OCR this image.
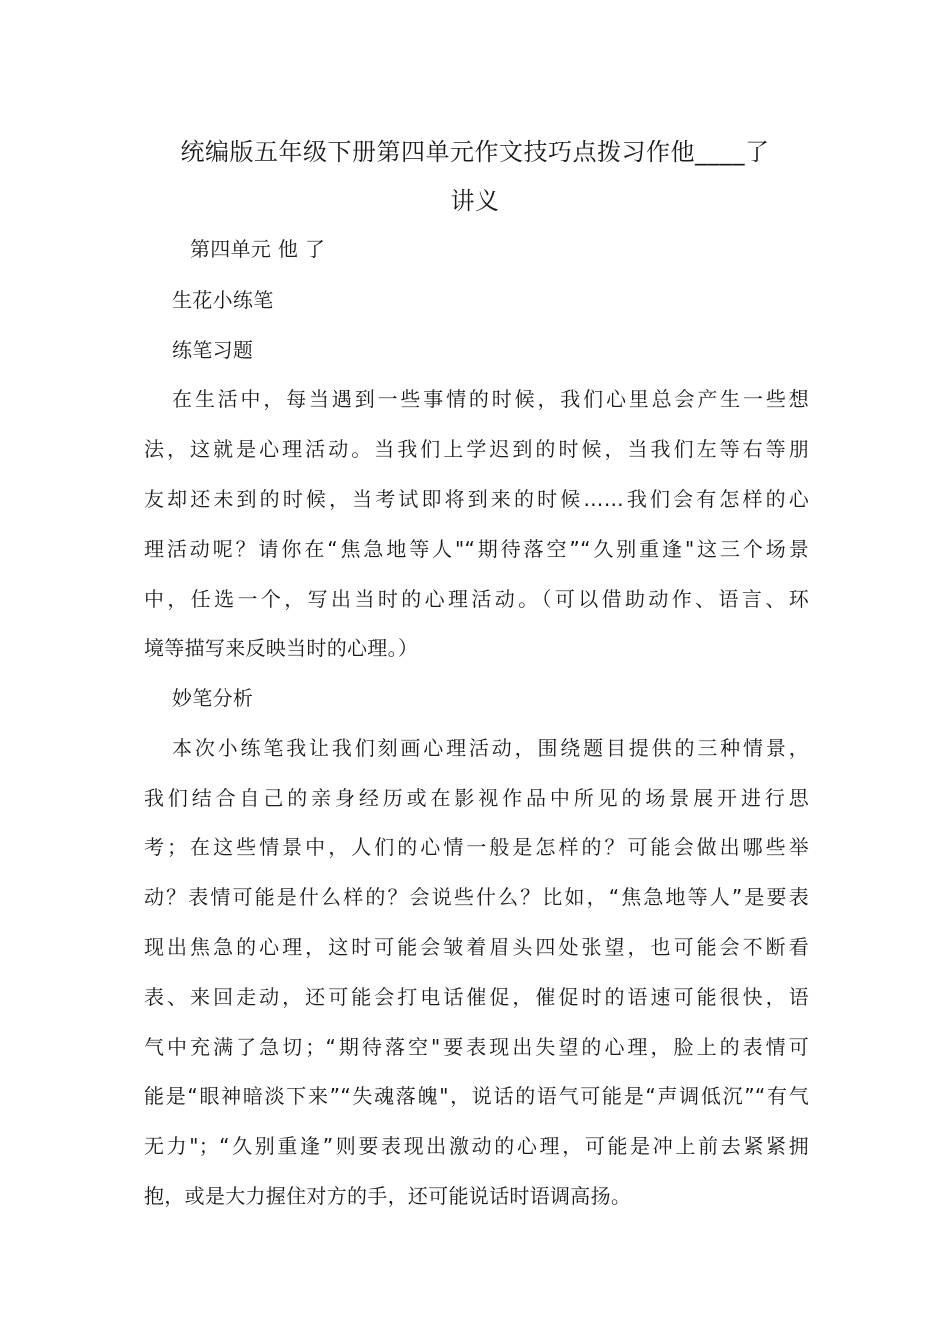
统编版五年级下册第四单元作文技巧点拨习作他____了
讲义
第四单元 他 了
生花小练笔
练笔习题
在生活中，每当遇到一些事情的时候，我们心里总会产生一些想
法，这就是心理活动。当我们上学迟到的时候，当我们左等右等朋
友却还未到的时候，当考试即将到来的时候……我们会有怎样的心
理活动呢？请你在“焦急地等人"“期待落空”“久别重逢"这三个场景
中，任选一个，写出当时的心理活动。（可以借助动作、语言、环
境等描写来反映当时的心理。）
妙笔分析
本次小练笔我让我们刻画心理活动，围绕题目提供的三种情景，
我们结合自己的亲身经历或在影视作品中所见的场景展开进行思
考；在这些情景中，人们的心情一般是怎样的？可能会做出哪些举
动？表情可能是什么样的？会说些什么？比如，“焦急地等人”是要表
现出焦急的心理，这时可能会皱着眉头四处张望，也可能会不断看
表、来回走动，还可能会打电话催促，催促时的语速可能很快，语
气中充满了急切；“期待落空"要表现出失望的心理，脸上的表情可
能是“眼神暗淡下来”“失魂落魄"，说话的语气可能是“声调低沉”“有气
无力"；“久别重逢”则要表现出激动的心理，可能是冲上前去紧紧拥
抱，或是大力握住对方的手，还可能说话时语调高扬。
